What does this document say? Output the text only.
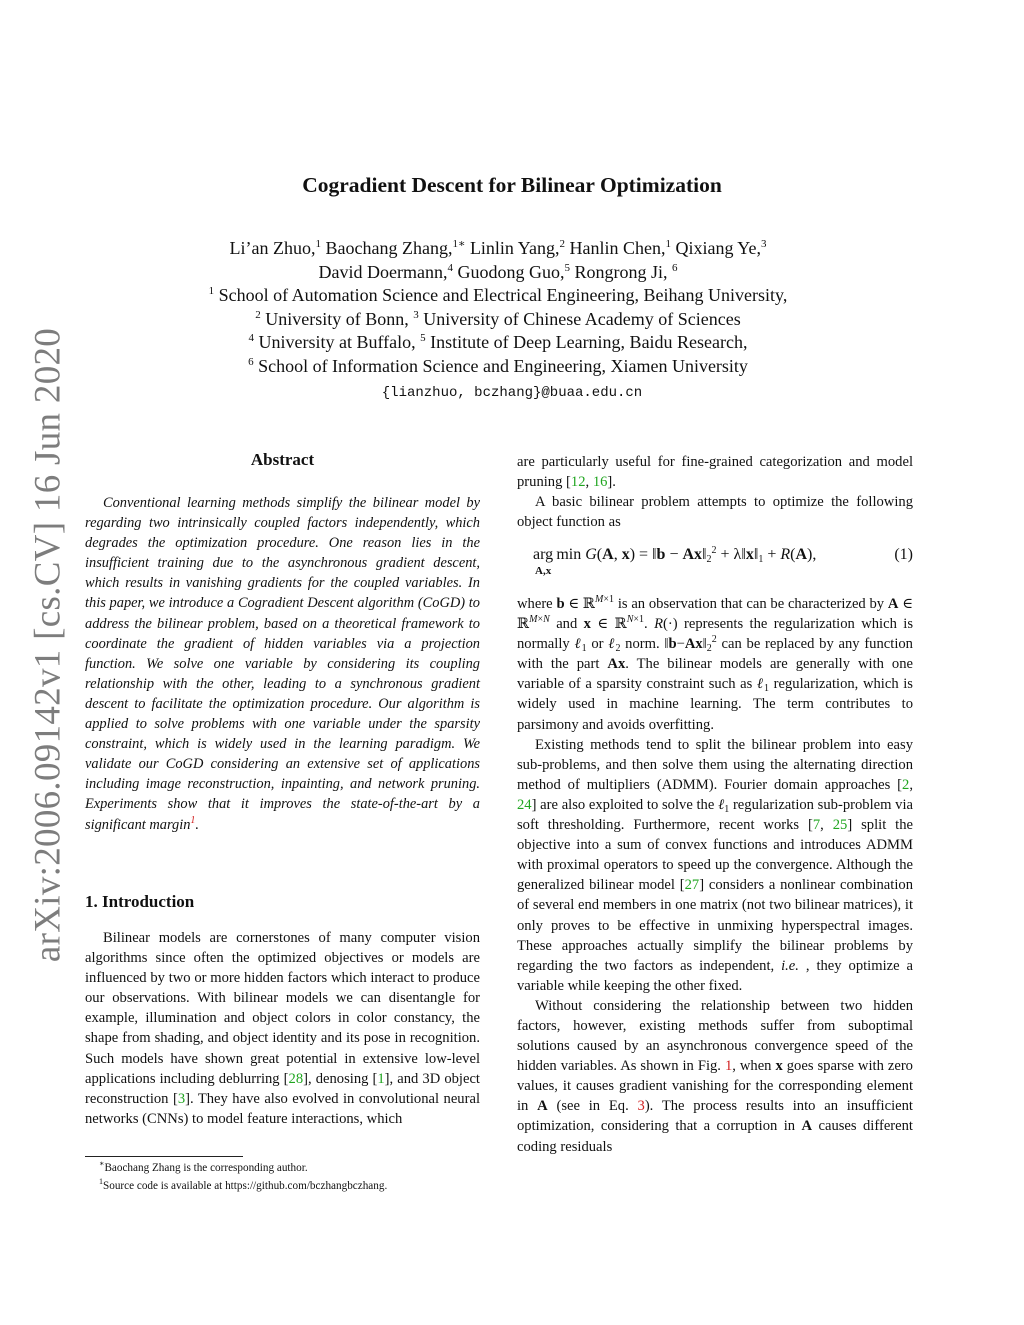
arXiv:2006.09142v1 [cs.CV] 16 Jun 2020
Cogradient Descent for Bilinear Optimization
Li’an Zhuo,$^1$ Baochang Zhang,$^{1∗}$ Linlin Yang,$^2$ Hanlin Chen,$^1$ Qixiang Ye,$^3$
David Doermann,$^4$ Guodong Guo,$^5$ Rongrong Ji, $^6$
$^1$ School of Automation Science and Electrical Engineering, Beihang University,
$^2$ University of Bonn, $^3$ University of Chinese Academy of Sciences
$^4$ University at Buffalo, $^5$ Institute of Deep Learning, Baidu Research,
$^6$ School of Information Science and Engineering, Xiamen University
{lianzhuo, bczhang}@buaa.edu.cn
Abstract

Conventional learning methods simplify the bilinear model by regarding two intrinsically coupled factors independently, which degrades the optimization procedure. One reason lies in the insufficient training due to the asynchronous gradient descent, which results in vanishing gradients for the coupled variables. In this paper, we introduce a Cogradient Descent algorithm (CoGD) to address the bilinear problem, based on a theoretical framework to coordinate the gradient of hidden variables via a projection function. We solve one variable by considering its coupling relationship with the other, leading to a synchronous gradient descent to facilitate the optimization procedure. Our algorithm is applied to solve problems with one variable under the sparsity constraint, which is widely used in the learning paradigm. We validate our CoGD considering an extensive set of applications including image reconstruction, inpainting, and network pruning. Experiments show that it improves the state-of-the-art by a significant margin$^1$.

1. Introduction

Bilinear models are cornerstones of many computer vision algorithms since often the optimized objectives or models are influenced by two or more hidden factors which interact to produce our observations. With bilinear models we can disentangle for example, illumination and object colors in color constancy, the shape from shading, and object identity and its pose in recognition. Such models have shown great potential in extensive low-level applications including deblurring [28], denosing [1], and 3D object reconstruction [3]. They have also evolved in convolutional neural networks (CNNs) to model feature interactions, which

∗Baochang Zhang is the corresponding author.
$^1$Source code is available at https://github.com/bczhangbczhang.

are particularly useful for fine-grained categorization and model pruning [12, 16].

A basic bilinear problem attempts to optimize the following object function as

arg min G(A, x) = ‖b − $Ax‖_2^2$ + $\lambda‖x‖_1 + R(A)$,
A,x
(1)

where b ∈ ℝ$^{M\times 1}$ is an observation that can be characterized by A ∈ ℝ$^{M\times N}$ and x ∈ ℝ$^{N\times 1}$. R(·) represents the regularization which is normally ℓ$_1$ or ℓ$_2$ norm. $‖b-Ax‖_2^2$ can be replaced by any function with the part Ax. The bilinear models are generally with one variable of a sparsity constraint such as ℓ$_1$ regularization, which is widely used in machine learning. The term contributes to parsimony and avoids overfitting.

Existing methods tend to split the bilinear problem into easy sub-problems, and then solve them using the alternating direction method of multipliers (ADMM). Fourier domain approaches [2, 24] are also exploited to solve the ℓ$_1$ regularization sub-problem via soft thresholding. Furthermore, recent works [7, 25] split the objective into a sum of convex functions and introduces ADMM with proximal operators to speed up the convergence. Although the generalized bilinear model [27] considers a nonlinear combination of several end members in one matrix (not two bilinear matrices), it only proves to be effective in unmixing hyperspectral images. These approaches actually simplify the bilinear problems by regarding the two factors as independent, i.e. , they optimize a variable while keeping the other fixed.

Without considering the relationship between two hidden factors, however, existing methods suffer from suboptimal solutions caused by an asynchronous convergence speed of the hidden variables. As shown in Fig. 1, when x goes sparse with zero values, it causes gradient vanishing for the corresponding element in A (see in Eq. 3). The process results into an insufficient optimization, considering that a corruption in A causes different coding residuals
